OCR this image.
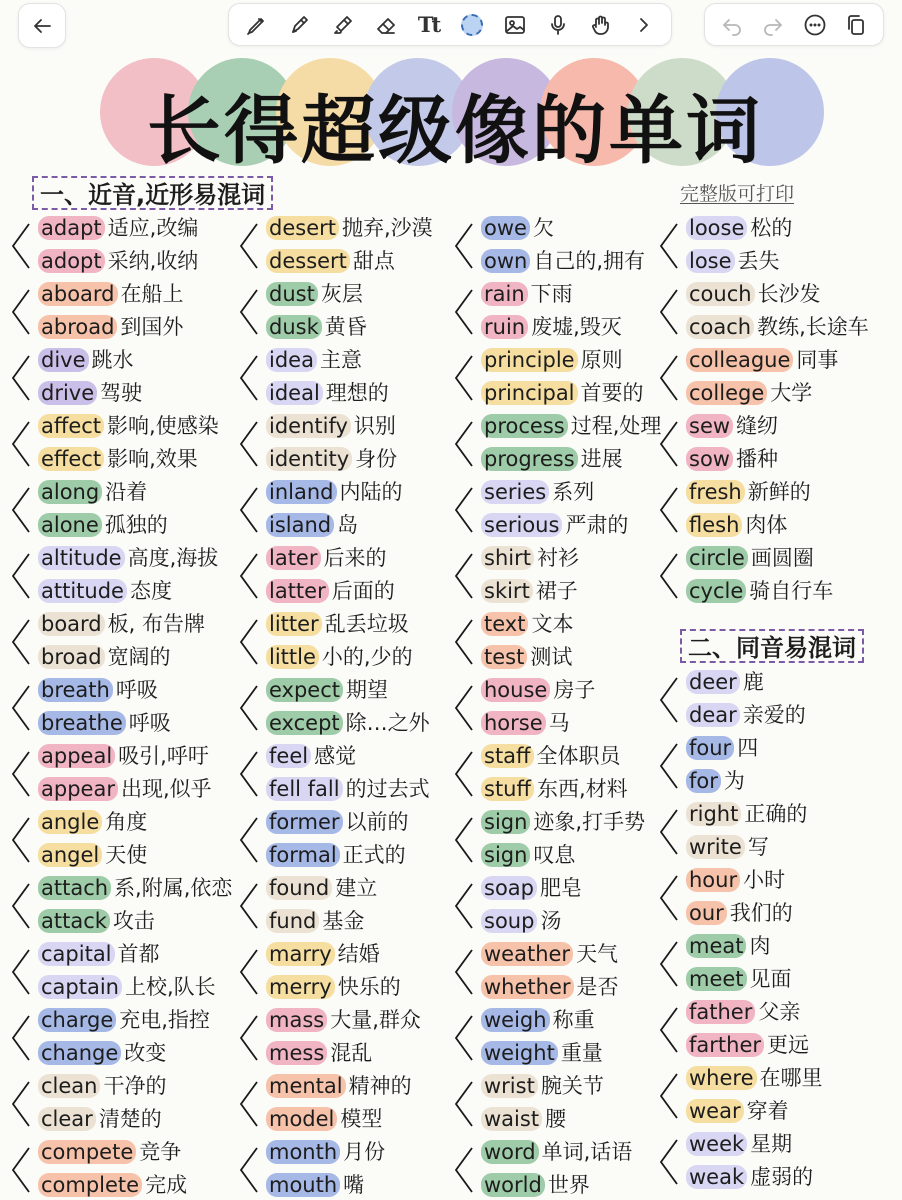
Tt
长得超级像的单词
一、近音,近形易混词	完整版可打印
二、同音易混词
adapt 适应,改编
adopt 采纳,收纳
aboard 在船上
abroad 到国外
dive 跳水
drive 驾驶
affect 影响,使感染
effect 影响,效果
along 沿着
alone 孤独的
altitude 高度,海拔
attitude 态度
board 板, 布告牌
broad 宽阔的
breath 呼吸
breathe 呼吸
appeal 吸引,呼吁
appear 出现,似乎
angle 角度
angel 天使
attach 系,附属,依恋
attack 攻击
capital 首都
captain 上校,队长
charge 充电,指控
change 改变
clean 干净的
clear 清楚的
compete 竞争
complete 完成
desert 抛弃,沙漠
dessert 甜点
dust 灰层
dusk 黄昏
idea 主意
ideal 理想的
identify 识别
identity 身份
inland 内陆的
island 岛
later 后来的
latter 后面的
litter 乱丢垃圾
little 小的,少的
expect 期望
except 除…之外
feel 感觉
fell fall 的过去式
former 以前的
formal 正式的
found 建立
fund 基金
marry 结婚
merry 快乐的
mass 大量,群众
mess 混乱
mental 精神的
model 模型
month 月份
mouth 嘴
owe 欠
own 自己的,拥有
rain 下雨
ruin 废墟,毁灭
principle 原则
principal 首要的
process 过程,处理
progress 进展
series 系列
serious 严肃的
shirt 衬衫
skirt 裙子
text 文本
test 测试
house 房子
horse 马
staff 全体职员
stuff 东西,材料
sign 迹象,打手势
sign 叹息
soap 肥皂
soup 汤
weather 天气
whether 是否
weigh 称重
weight 重量
wrist 腕关节
waist 腰
word 单词,话语
world 世界
loose 松的
lose 丢失
couch 长沙发
coach 教练,长途车
colleague 同事
college 大学
sew 缝纫
sow 播种
fresh 新鲜的
flesh 肉体
circle 画圆圈
cycle 骑自行车
deer 鹿
dear 亲爱的
four 四
for 为
right 正确的
write 写
hour 小时
our 我们的
meat 肉
meet 见面
father 父亲
farther 更远
where 在哪里
wear 穿着
week 星期
weak 虚弱的
